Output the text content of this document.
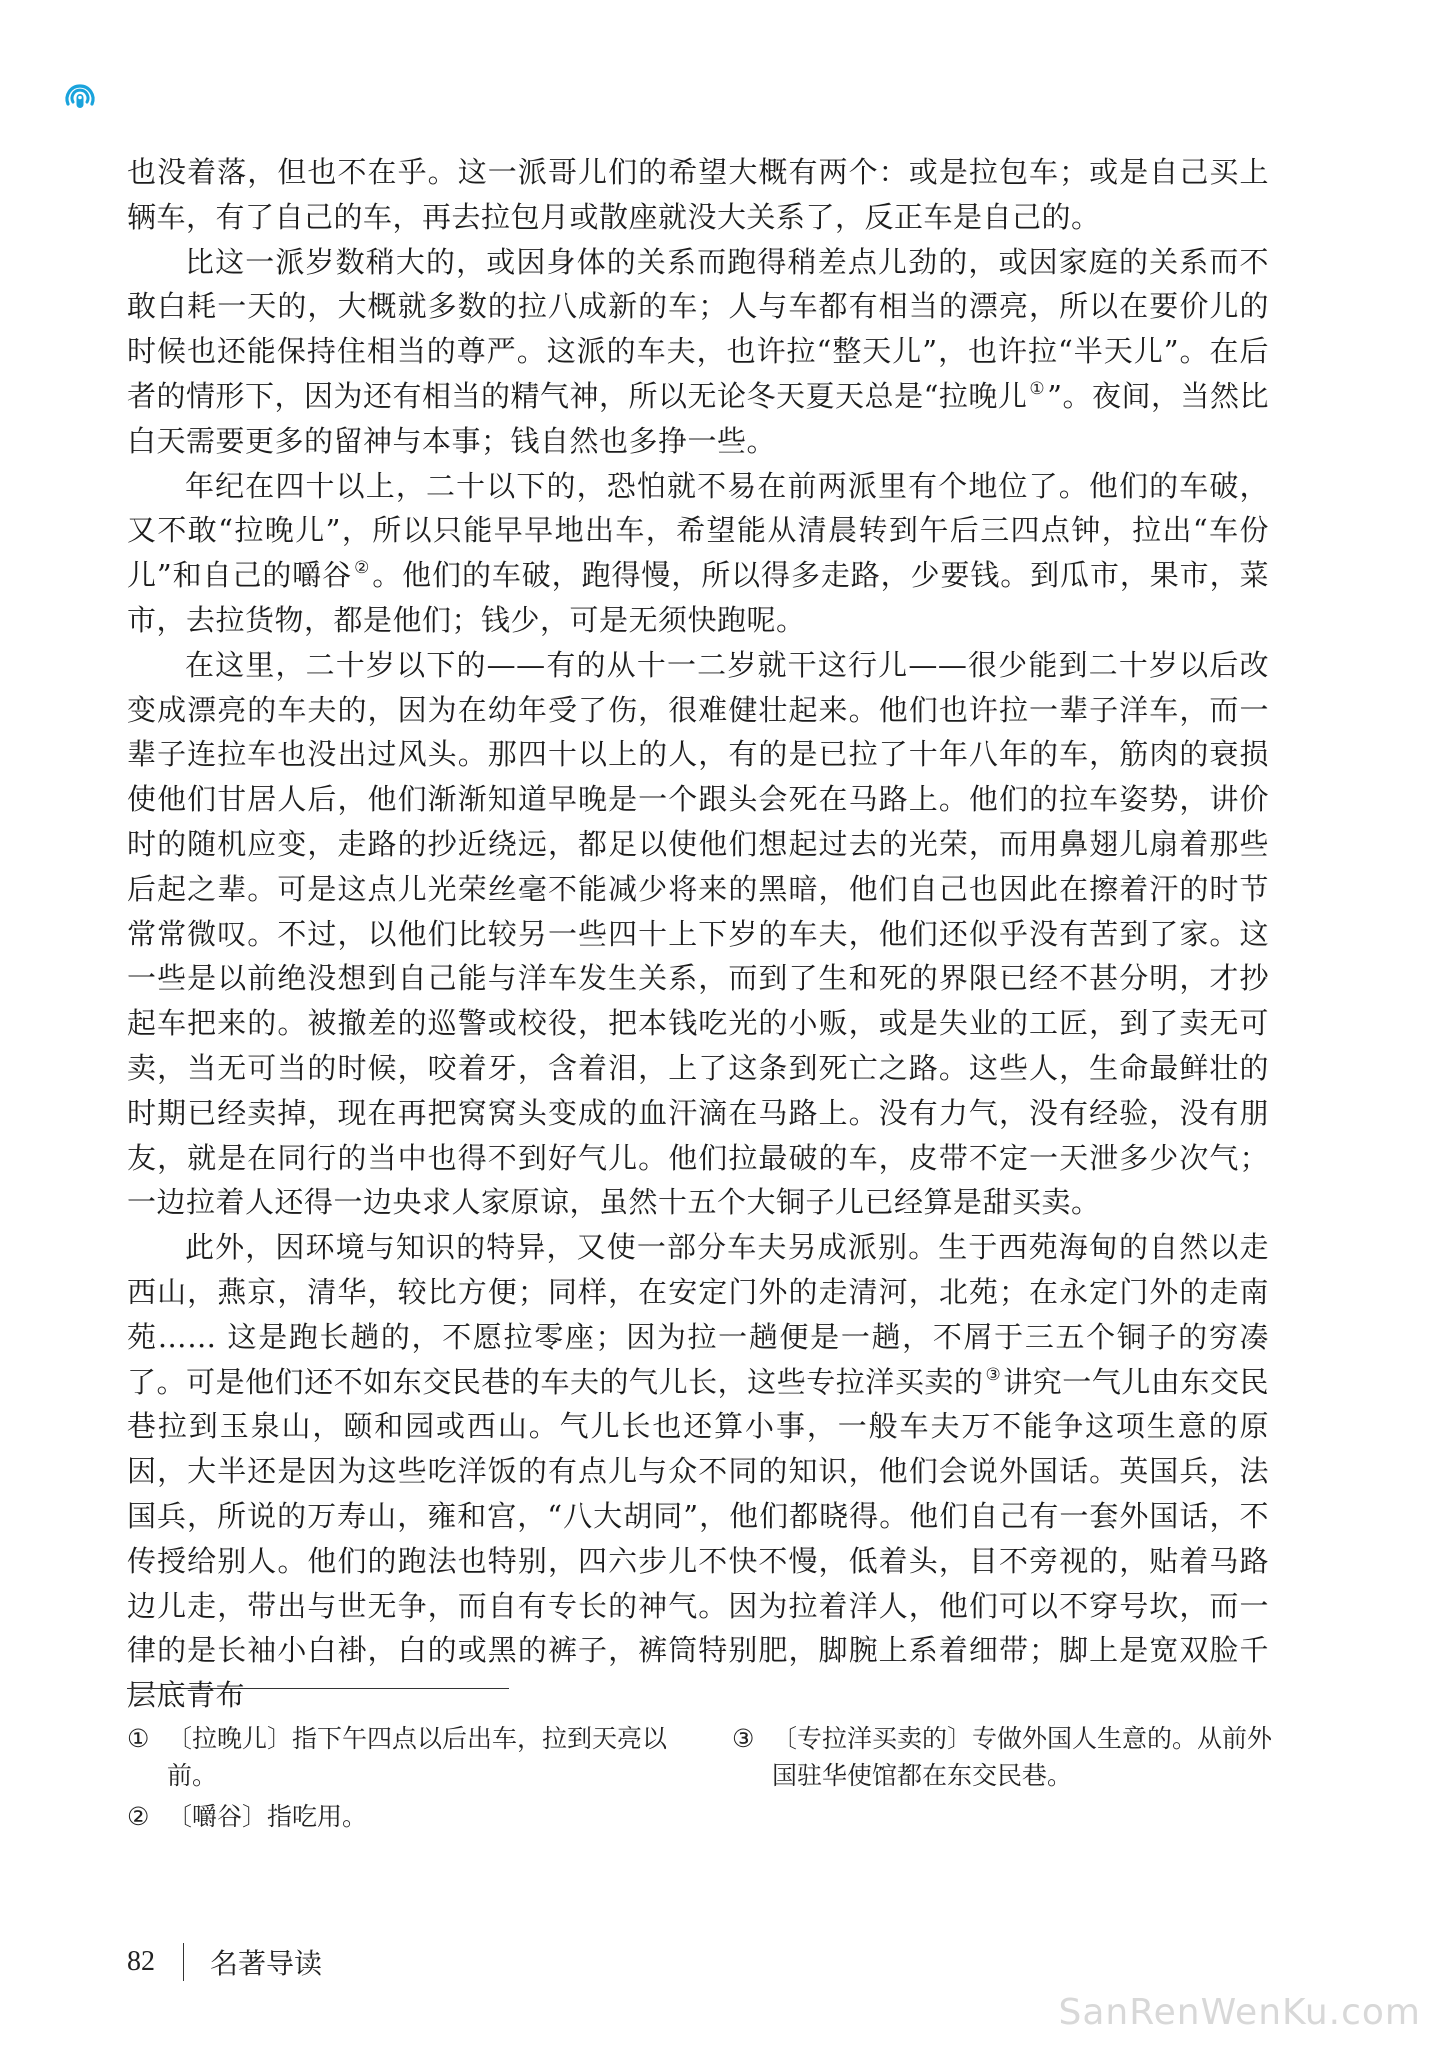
也没着落，但也不在乎。这一派哥儿们的希望大概有两个：或是拉包车；或是自己买上辆车，有了自己的车，再去拉包月或散座就没大关系了，反正车是自己的。

比这一派岁数稍大的，或因身体的关系而跑得稍差点儿劲的，或因家庭的关系而不敢白耗一天的，大概就多数的拉八成新的车；人与车都有相当的漂亮，所以在要价儿的时候也还能保持住相当的尊严。这派的车夫，也许拉“整天儿”，也许拉“半天儿”。在后者的情形下，因为还有相当的精气神，所以无论冬天夏天总是“拉晚儿 ①”。夜间，当然比白天需要更多的留神与本事；钱自然也多挣一些。

年纪在四十以上，二十以下的，恐怕就不易在前两派里有个地位了。他们的车破，又不敢“拉晚儿”，所以只能早早地出车，希望能从清晨转到午后三四点钟，拉出“车份儿”和自己的嚼谷 ②。他们的车破，跑得慢，所以得多走路，少要钱。到瓜市，果市，菜市，去拉货物，都是他们；钱少，可是无须快跑呢。

在这里，二十岁以下的——有的从十一二岁就干这行儿——很少能到二十岁以后改变成漂亮的车夫的，因为在幼年受了伤，很难健壮起来。他们也许拉一辈子洋车，而一辈子连拉车也没出过风头。那四十以上的人，有的是已拉了十年八年的车，筋肉的衰损使他们甘居人后，他们渐渐知道早晚是一个跟头会死在马路上。他们的拉车姿势，讲价时的随机应变，走路的抄近绕远，都足以使他们想起过去的光荣，而用鼻翅儿扇着那些后起之辈。可是这点儿光荣丝毫不能减少将来的黑暗，他们自己也因此在擦着汗的时节常常微叹。不过，以他们比较另一些四十上下岁的车夫，他们还似乎没有苦到了家。这一些是以前绝没想到自己能与洋车发生关系，而到了生和死的界限已经不甚分明，才抄起车把来的。被撤差的巡警或校役，把本钱吃光的小贩，或是失业的工匠，到了卖无可卖，当无可当的时候，咬着牙，含着泪，上了这条到死亡之路。这些人，生命最鲜壮的时期已经卖掉，现在再把窝窝头变成的血汗滴在马路上。没有力气，没有经验，没有朋友，就是在同行的当中也得不到好气儿。他们拉最破的车，皮带不定一天泄多少次气；一边拉着人还得一边央求人家原谅，虽然十五个大铜子儿已经算是甜买卖。

此外，因环境与知识的特异，又使一部分车夫另成派别。生于西苑海甸的自然以走西山，燕京，清华，较比方便；同样，在安定门外的走清河，北苑；在永定门外的走南苑…… 这是跑长趟的，不愿拉零座；因为拉一趟便是一趟，不屑于三五个铜子的穷凑了。可是他们还不如东交民巷的车夫的气儿长，这些专拉洋买卖的 ③讲究一气儿由东交民巷拉到玉泉山，颐和园或西山。气儿长也还算小事，一般车夫万不能争这项生意的原因，大半还是因为这些吃洋饭的有点儿与众不同的知识，他们会说外国话。英国兵，法国兵，所说的万寿山，雍和宫，“八大胡同”，他们都晓得。他们自己有一套外国话，不传授给别人。他们的跑法也特别，四六步儿不快不慢，低着头，目不旁视的，贴着马路边儿走，带出与世无争，而自有专长的神气。因为拉着洋人，他们可以不穿号坎，而一律的是长袖小白褂，白的或黑的裤子，裤筒特别肥，脚腕上系着细带；脚上是宽双脸千层底青布

① 〔拉晚儿〕指下午四点以后出车，拉到天亮以前。
② 〔嚼谷〕指吃用。
③ 〔专拉洋买卖的〕专做外国人生意的。从前外国驻华使馆都在东交民巷。
82 名著导读
SanRenWenKu.com
